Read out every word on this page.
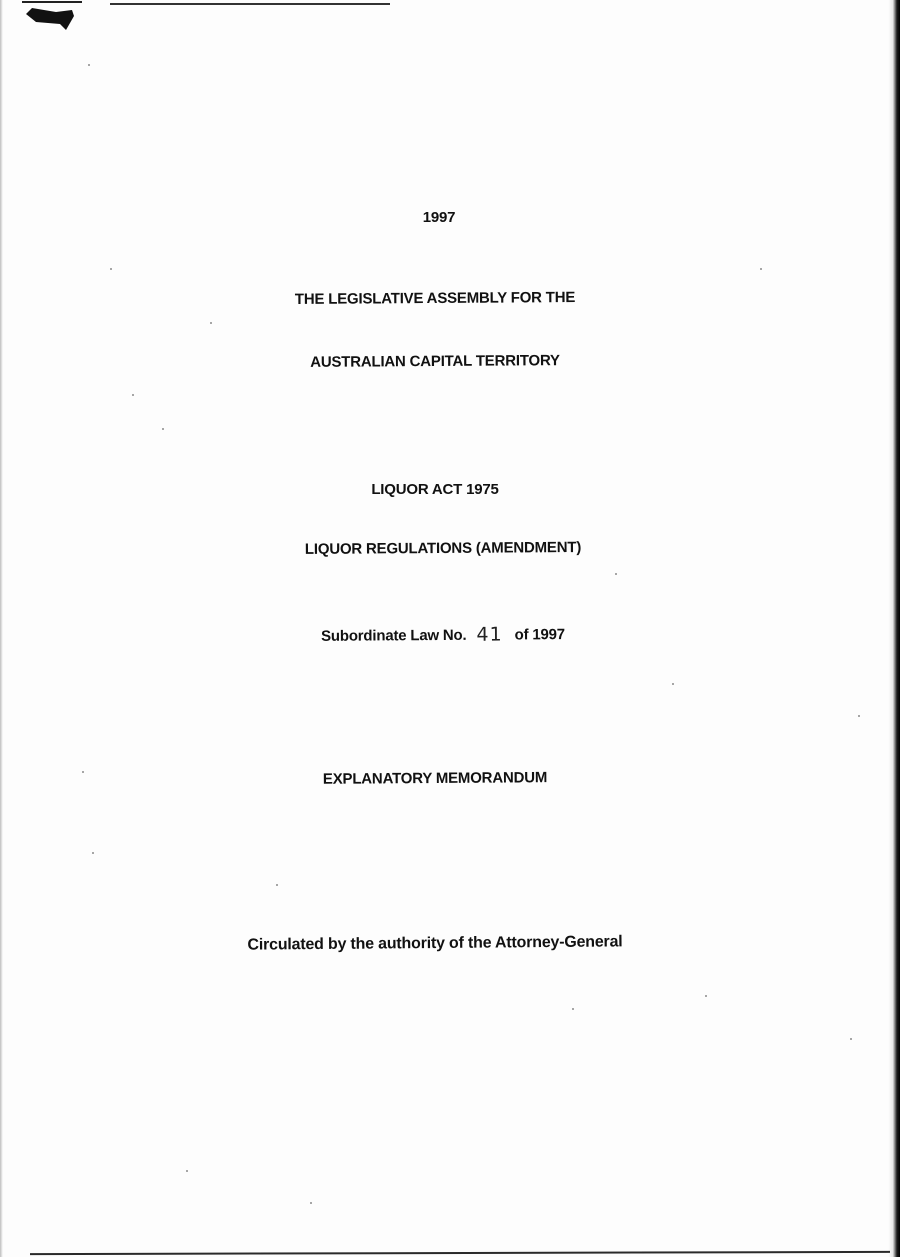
1997
THE LEGISLATIVE ASSEMBLY FOR THE
AUSTRALIAN CAPITAL TERRITORY
LIQUOR ACT 1975
LIQUOR REGULATIONS (AMENDMENT)
Subordinate Law No. 41 of 1997
EXPLANATORY MEMORANDUM
Circulated by the authority of the Attorney-General
